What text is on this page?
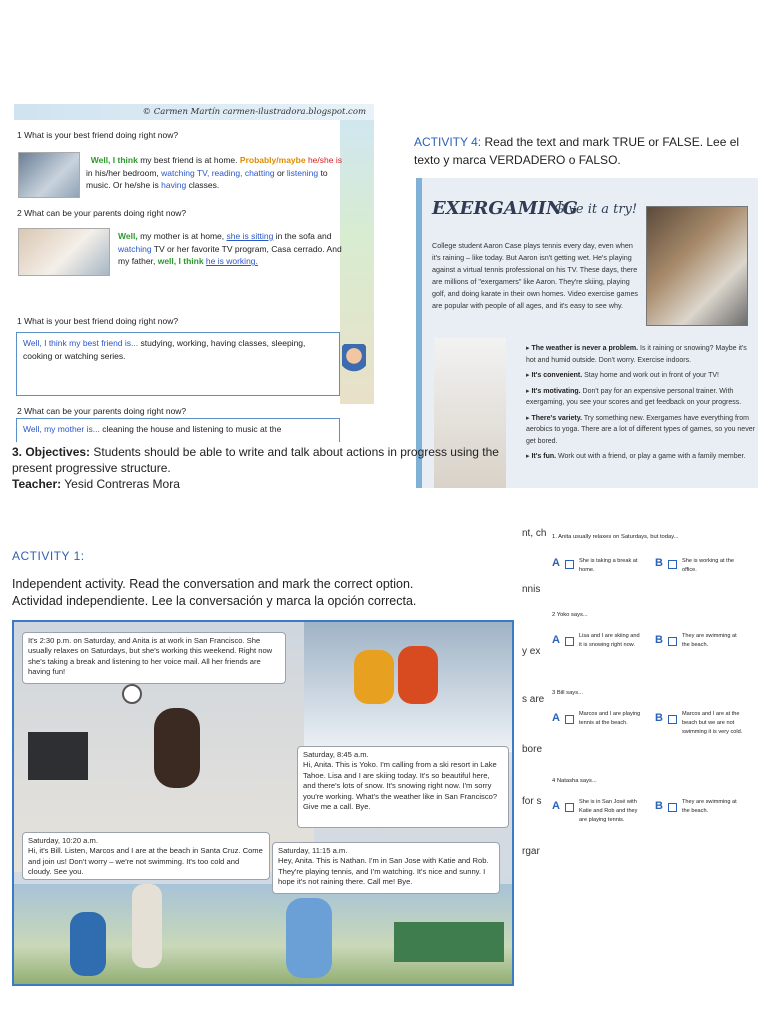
© Carmen Martín carmen-ilustradora.blogspot.com
1 What is your best friend doing right now?
Well, I think my best friend is at home. Probably/maybe he/she is in his/her bedroom, watching TV, reading, chatting or listening to music. Or he/she is having classes.
2 What can be your parents doing right now?
Well, my mother is at home, she is sitting in the sofa and watching TV or her favorite TV program, Casa cerrado. And my father, well, I think he is working.
1 What is your best friend doing right now?
Well, I think my best friend is... studying, working, having classes, sleeping, cooking or watching series.
2 What can be your parents doing right now?
Well, my mother is... cleaning the house and listening to music at the
ACTIVITY 4: Read the text and mark TRUE or FALSE. Lee el texto y marca VERDADERO o FALSO.
EXERGAMING
Give it a try!
College student Aaron Case plays tennis every day, even when it's raining – like today. But Aaron isn't getting wet. He's playing against a virtual tennis professional on his TV. These days, there are millions of "exergamers" like Aaron. They're skiing, playing golf, and doing karate in their own homes. Video exercise games are popular with people of all ages, and it's easy to see why.
▸ The weather is never a problem. Is it raining or snowing? Maybe it's hot and humid outside. Don't worry. Exercise indoors.
▸ It's convenient. Stay home and work out in front of your TV!
▸ It's motivating. Don't pay for an expensive personal trainer. With exergaming, you see your scores and get feedback on your progress.
▸ There's variety. Try something new. Exergames have everything from aerobics to yoga. There are a lot of different types of games, so you never get bored.
▸ It's fun. Work out with a friend, or play a game with a family member.
nt, ch
nnis
y ex
s are
bore
for s
rgar
3. Objectives: Students should be able to write and talk about actions in progress using the present progressive structure.
Teacher: Yesid Contreras Mora
ACTIVITY 1:
Independent activity. Read the conversation and mark the correct option.
Actividad independiente. Lee la conversación y marca la opción correcta.
It's 2:30 p.m. on Saturday, and Anita is at work in San Francisco. She usually relaxes on Saturdays, but she's working this weekend. Right now she's taking a break and listening to her voice mail. All her friends are having fun!
Saturday, 8:45 a.m.
Hi, Anita. This is Yoko. I'm calling from a ski resort in Lake Tahoe. Lisa and I are skiing today. It's so beautiful here, and there's lots of snow. It's snowing right now. I'm sorry you're working. What's the weather like in San Francisco? Give me a call. Bye.
Saturday, 10:20 a.m.
Hi, it's Bill. Listen, Marcos and I are at the beach in Santa Cruz. Come and join us! Don't worry – we're not swimming. It's too cold and cloudy. See you.
Saturday, 11:15 a.m.
Hey, Anita. This is Nathan. I'm in San Jose with Katie and Rob. They're playing tennis, and I'm watching. It's nice and sunny. I hope it's not raining there. Call me! Bye.
1. Anita usually relaxes on Saturdays, but today...
A	She is taking a break at home.
B	She is working at the office.
2 Yoko says...
A	Lisa and I are skiing and it is snowing right now.	B	They are swimming at the beach.
3 Bill says...
A	Marcos and I are playing tennis at the beach.	B	Marcos and I are at the beach but we are not swimming it is very cold.
4 Natasha says...
A	She is in San José with Katie and Rob and they are playing tennis.
B	They are swimming at the beach.
